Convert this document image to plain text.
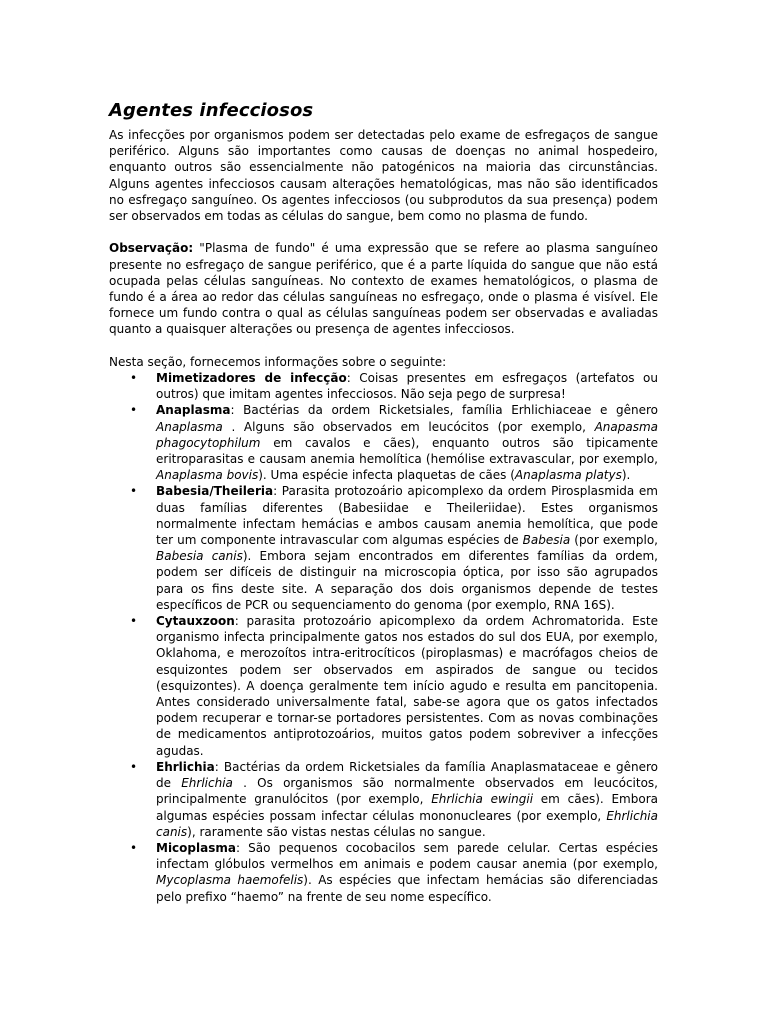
Agentes infecciosos

As infecções por organismos podem ser detectadas pelo exame de esfregaços de sangue periférico. Alguns são importantes como causas de doenças no animal hospedeiro, enquanto outros são essencialmente não patogénicos na maioria das circunstâncias. Alguns agentes infecciosos causam alterações hematológicas, mas não são identificados no esfregaço sanguíneo. Os agentes infecciosos (ou subprodutos da sua presença) podem ser observados em todas as células do sangue, bem como no plasma de fundo.

Observação: "Plasma de fundo" é uma expressão que se refere ao plasma sanguíneo presente no esfregaço de sangue periférico, que é a parte líquida do sangue que não está ocupada pelas células sanguíneas. No contexto de exames hematológicos, o plasma de fundo é a área ao redor das células sanguíneas no esfregaço, onde o plasma é visível. Ele fornece um fundo contra o qual as células sanguíneas podem ser observadas e avaliadas quanto a quaisquer alterações ou presença de agentes infecciosos.

Nesta seção, fornecemos informações sobre o seguinte:

• Mimetizadores de infecção: Coisas presentes em esfregaços (artefatos ou outros) que imitam agentes infecciosos. Não seja pego de surpresa!
• Anaplasma: Bactérias da ordem Ricketsiales, família Erhlichiaceae e gênero Anaplasma . Alguns são observados em leucócitos (por exemplo, Anapasma phagocytophilum em cavalos e cães), enquanto outros são tipicamente eritroparasitas e causam anemia hemolítica (hemólise extravascular, por exemplo, Anaplasma bovis). Uma espécie infecta plaquetas de cães (Anaplasma platys).
• Babesia/Theileria: Parasita protozoário apicomplexo da ordem Pirosplasmida em duas famílias diferentes (Babesiidae e Theileriidae). Estes organismos normalmente infectam hemácias e ambos causam anemia hemolítica, que pode ter um componente intravascular com algumas espécies de Babesia (por exemplo, Babesia canis). Embora sejam encontrados em diferentes famílias da ordem, podem ser difíceis de distinguir na microscopia óptica, por isso são agrupados para os fins deste site. A separação dos dois organismos depende de testes específicos de PCR ou sequenciamento do genoma (por exemplo, RNA 16S).
• Cytauxzoon: parasita protozoário apicomplexo da ordem Achromatorida. Este organismo infecta principalmente gatos nos estados do sul dos EUA, por exemplo, Oklahoma, e merozoítos intra-eritrocíticos (piroplasmas) e macrófagos cheios de esquizontes podem ser observados em aspirados de sangue ou tecidos (esquizontes). A doença geralmente tem início agudo e resulta em pancitopenia. Antes considerado universalmente fatal, sabe-se agora que os gatos infectados podem recuperar e tornar-se portadores persistentes. Com as novas combinações de medicamentos antiprotozoários, muitos gatos podem sobreviver a infecções agudas.
• Ehrlichia: Bactérias da ordem Ricketsiales da família Anaplasmataceae e gênero de Ehrlichia . Os organismos são normalmente observados em leucócitos, principalmente granulócitos (por exemplo, Ehrlichia ewingii em cães). Embora algumas espécies possam infectar células mononucleares (por exemplo, Ehrlichia canis), raramente são vistas nestas células no sangue.
• Micoplasma: São pequenos cocobacilos sem parede celular. Certas espécies infectam glóbulos vermelhos em animais e podem causar anemia (por exemplo, Mycoplasma haemofelis). As espécies que infectam hemácias são diferenciadas pelo prefixo “haemo” na frente de seu nome específico.
